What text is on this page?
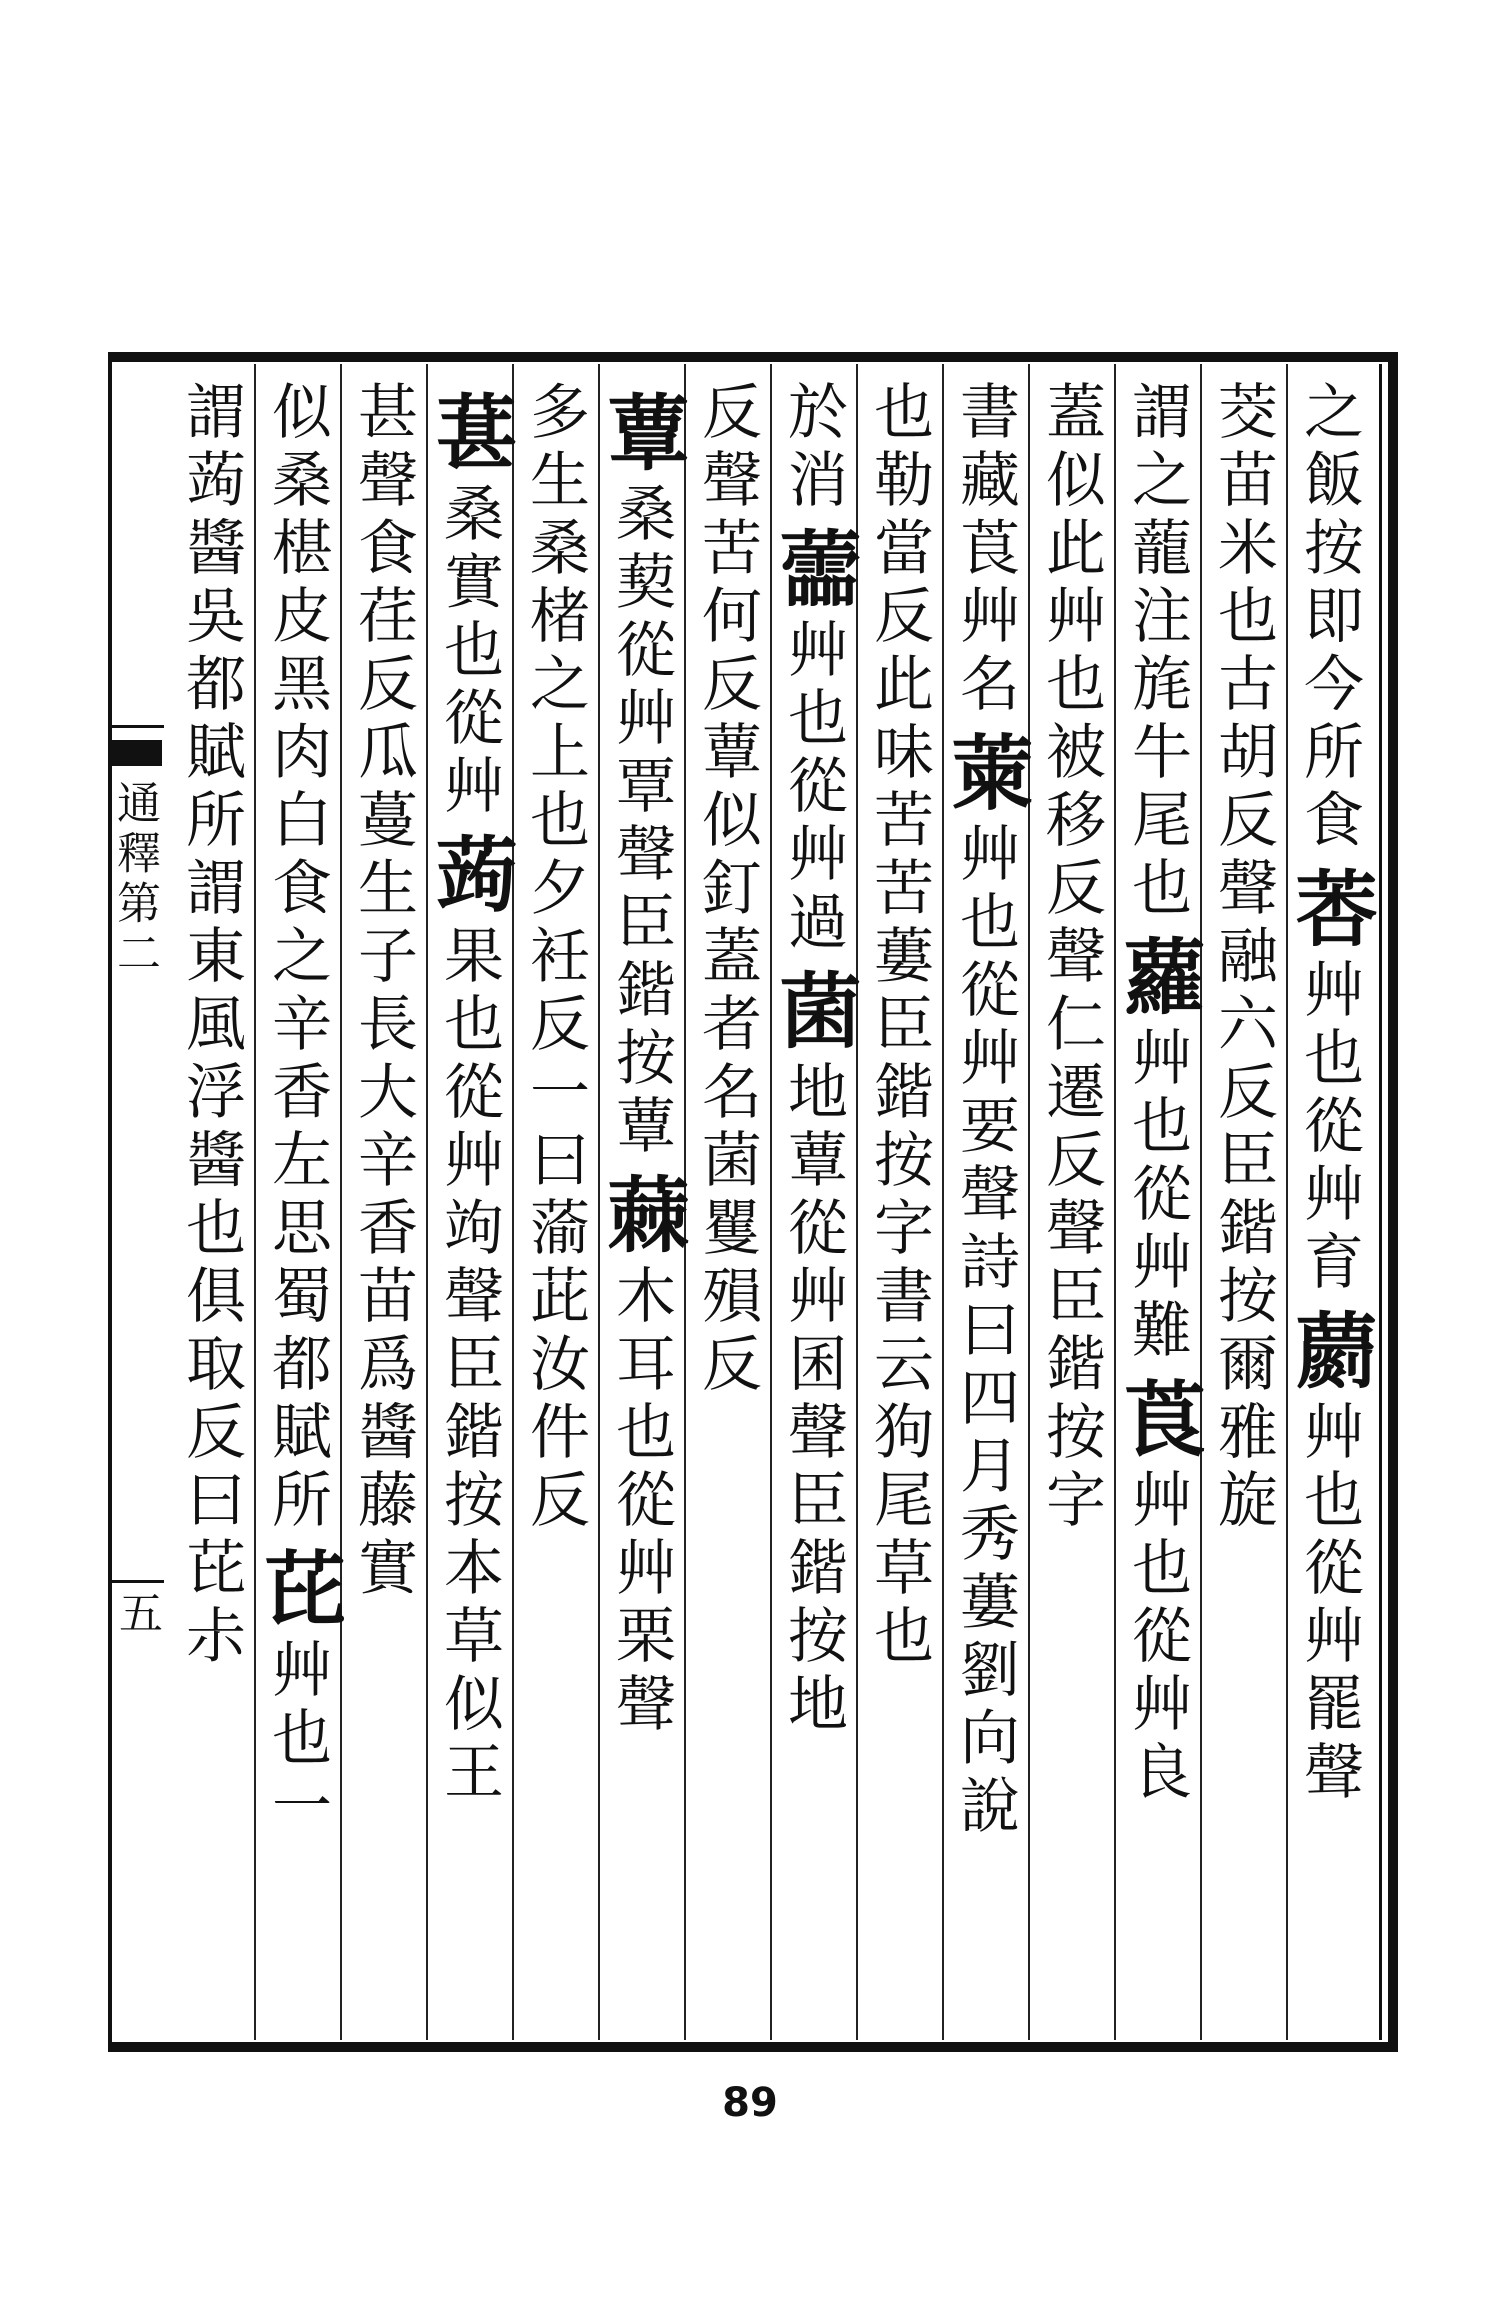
通釋第二
五
之飯按即今所食莕艸也從艸育蘮艸也從艸罷聲
茭苗米也古胡反聲融六反臣鍇按爾雅旋
謂之蘢注旄牛尾也蘿艸也從艸難莨艸也從艸良
蓋似此艸也被移反聲仁遷反聲臣鍇按字
書藏莨艸名萰艸也從艸要聲詩曰四月秀蔞劉向說
也勒當反此味苦苦蔞臣鍇按字書云狗尾草也
於消蘦艸也從艸過菌地蕈從艸囷聲臣鍇按地
反聲苦何反蕈似釘蓋者名菌矍殞反
蕈桑葜從艸覃聲臣鍇按蕈蕀木耳也從艸栗聲
多生桑楮之上也夕衽反一曰蕍茈汝件反
葚桑實也從艸蒟果也從艸竘聲臣鍇按本草似王
甚聲食荏反瓜蔓生子長大辛香苗爲醬藤實
似桑椹皮黑肉白食之辛香左思蜀都賦所芘艸也一
謂蒟醬吳都賦所謂東風浮醬也俱取反曰芘尗
89
